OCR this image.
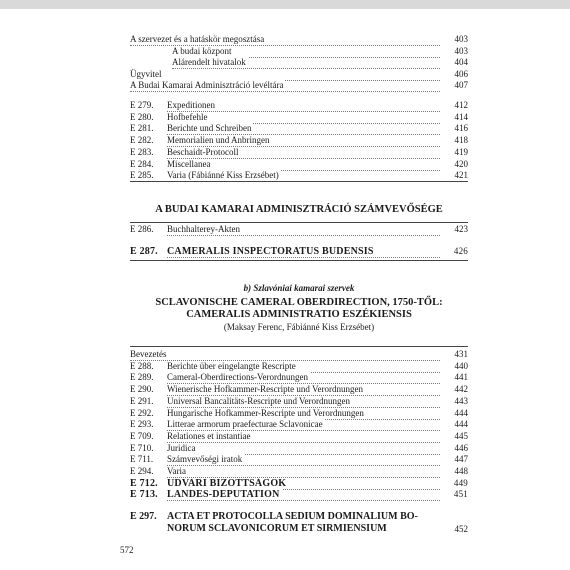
A szervezet és a hatáskör megosztása	403
A budai központ	403
Alárendelt hivatalok	404
Ügyvitel	406
A Budai Kamarai Adminisztráció levéltára	407
E 279.	Expeditionen	412
E 280.	Hofbefehle	414
E 281.	Berichte und Schreiben	416
E 282.	Memorialien und Anbringen	418
E 283.	Beschaidt-Protocoll	419
E 284.	Miscellanea	420
E 285.	Varia (Fábiánné Kiss Erzsébet)	421
E 286.	Buchhalterey-Akten	423
E 287. CAMERALIS INSPECTORATUS BUDENSIS	426
Bevezetés	431
E 288.	Berichte über eingelangte Rescripte	440
E 289.	Cameral-Oberdirections-Verordnungen	441
E 290.	Wienerische Hofkammer-Rescripte und Verordnungen	442
E 291.	Universal Bancalitäts-Rescripte und Verordnungen	443
E 292.	Hungarische Hofkammer-Rescripte und Verordnungen	444
E 293.	Litterae armorum praefecturae Sclavonicae	444
E 709.	Relationes et instantiae	445
E 710.	Juridica	446
E 711.	Számvevőségi iratok	447
E 294.	Varia	448
E 712. UDVARI BIZOTTSÁGOK	449
E 713. LANDES-DEPUTATION	451
A BUDAI KAMARAI ADMINISZTRÁCIÓ SZÁMVEVŐSÉGE
b) Szlavóniai kamarai szervek
SCLAVONISCHE CAMERAL OBERDIRECTION, 1750-TŐL:
CAMERALIS ADMINISTRATIO ESZÉKIENSIS
(Maksay Ferenc, Fábiánné Kiss Erzsébet)
E 297.	ACTA ET PROTOCOLLA SEDIUM DOMINALIUM BO-
NORUM SCLAVONICORUM ET SIRMIENSIUM	452
572
